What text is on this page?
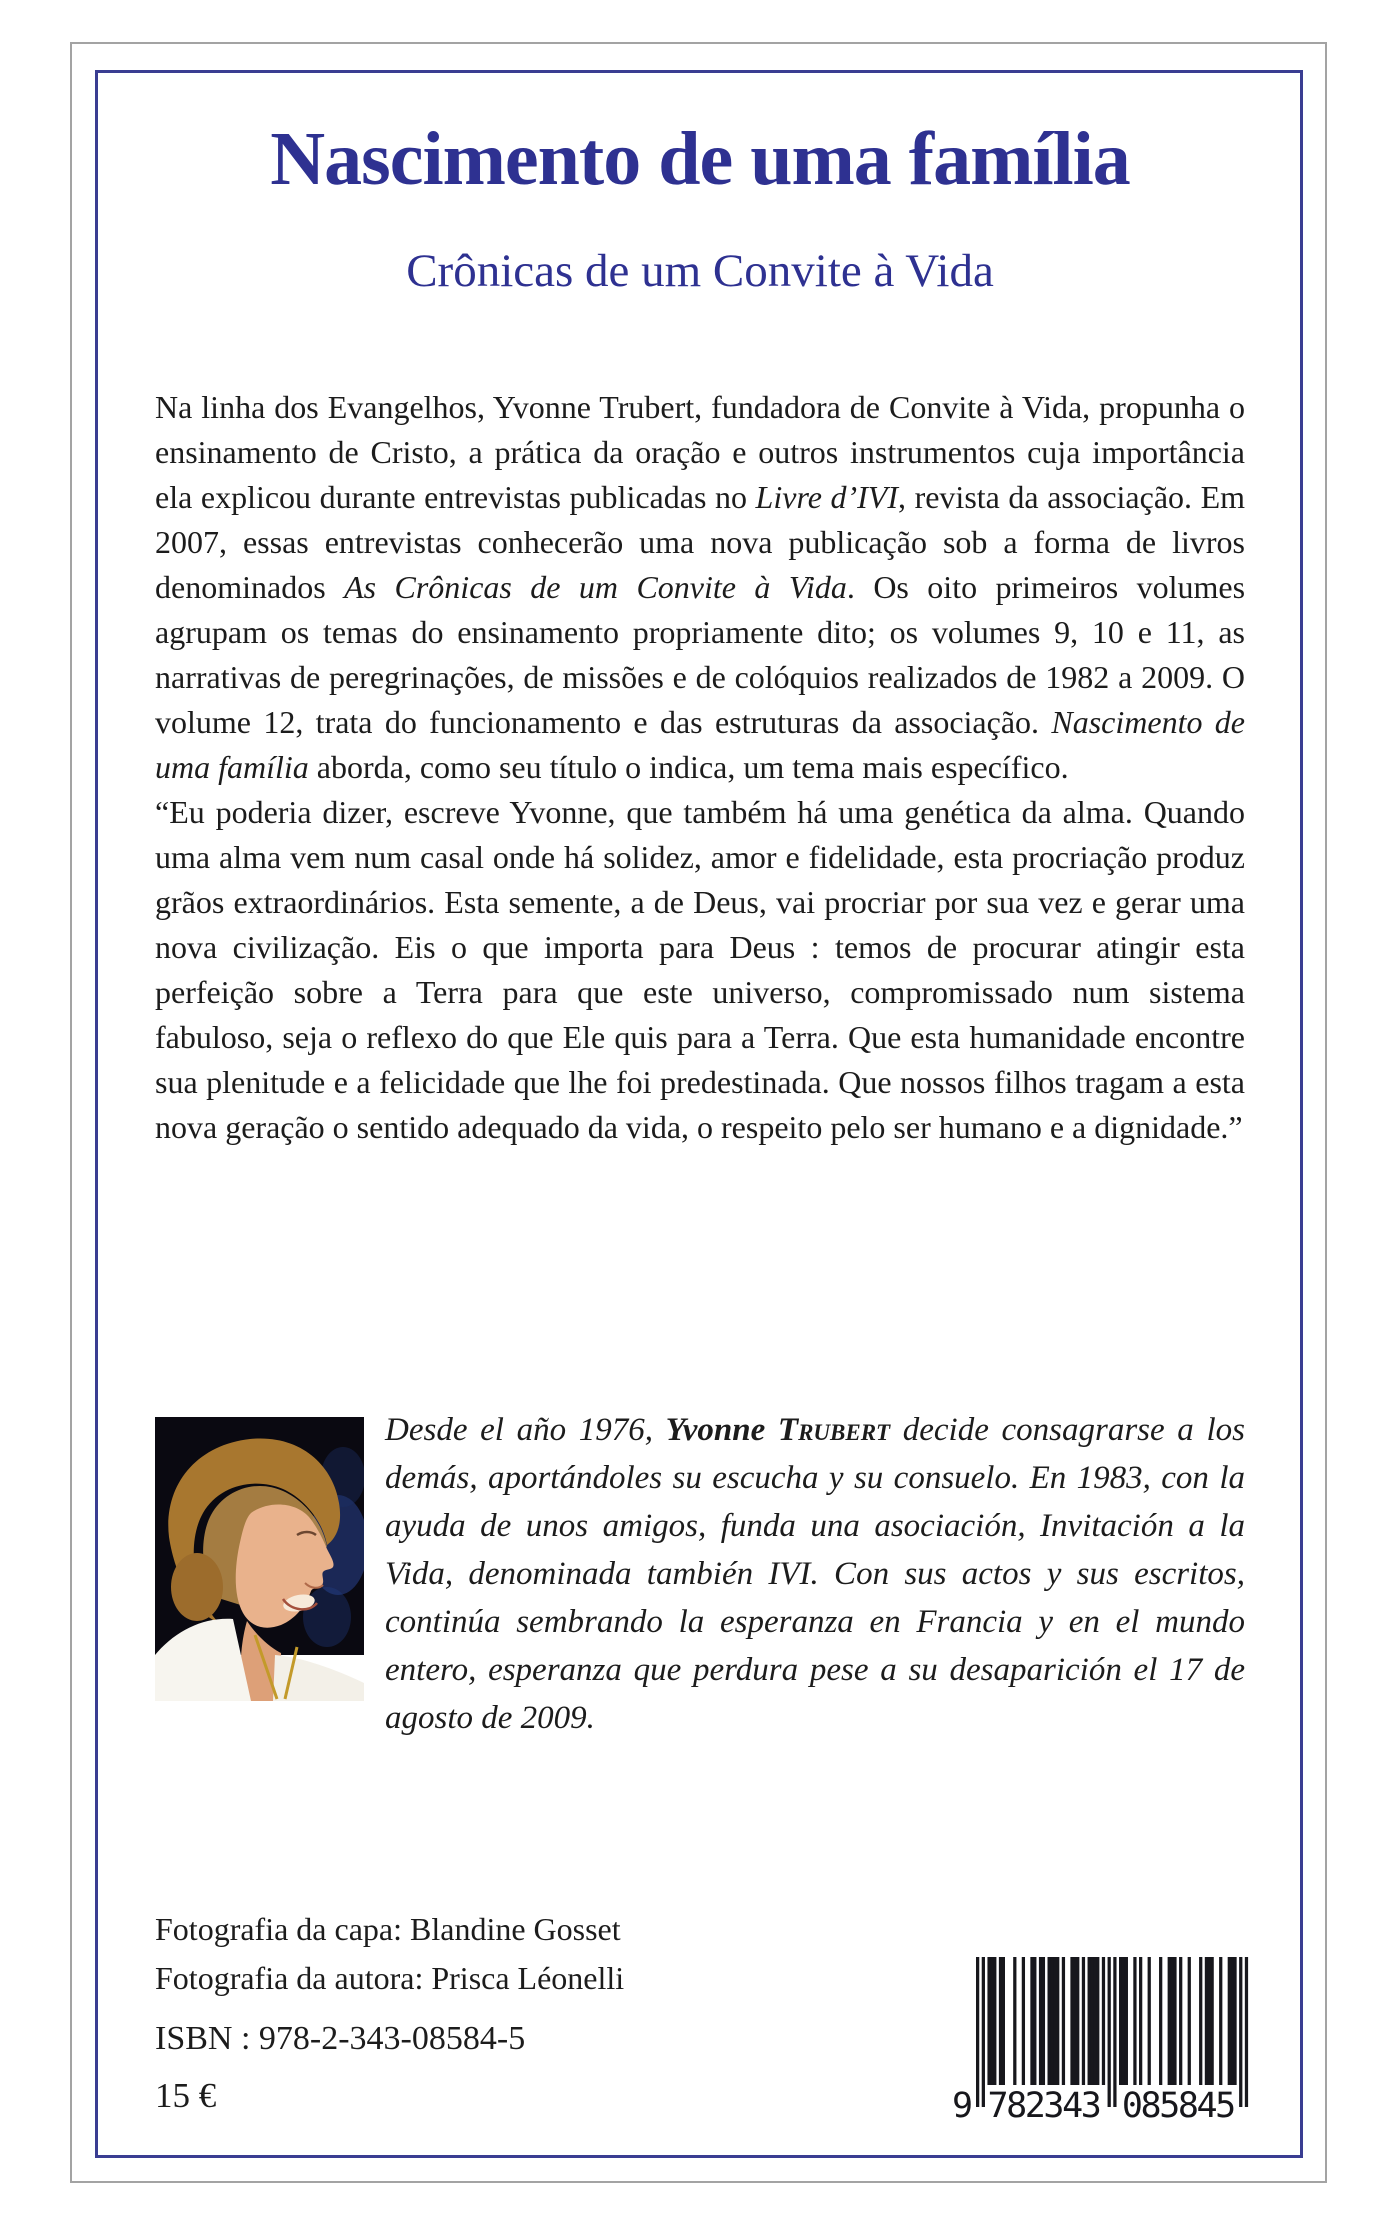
Nascimento de uma família
Crônicas de um Convite à Vida

Na linha dos Evangelhos, Yvonne Trubert, fundadora de Convite à Vida, propunha o ensinamento de Cristo, a prática da oração e outros instrumentos cuja importância ela explicou durante entrevistas publicadas no Livre d’IVI, revista da associação. Em 2007, essas entrevistas conhecerão uma nova publicação sob a forma de livros denominados As Crônicas de um Convite à Vida. Os oito primeiros volumes agrupam os temas do ensinamento propriamente dito; os volumes 9, 10 e 11, as narrativas de peregrinações, de missões e de colóquios realizados de 1982 a 2009. O volume 12, trata do funcionamento e das estruturas da associação. Nascimento de uma família aborda, como seu título o indica, um tema mais específico.

“Eu poderia dizer, escreve Yvonne, que também há uma genética da alma. Quando uma alma vem num casal onde há solidez, amor e fidelidade, esta procriação produz grãos extraordinários. Esta semente, a de Deus, vai procriar por sua vez e gerar uma nova civilização. Eis o que importa para Deus : temos de procurar atingir esta perfeição sobre a Terra para que este universo, compromissado num sistema fabuloso, seja o reflexo do que Ele quis para a Terra. Que esta humanidade encontre sua plenitude e a felicidade que lhe foi predestinada. Que nossos filhos tragam a esta nova geração o sentido adequado da vida, o respeito pelo ser humano e a dignidade.”

Desde el año 1976, Yvonne Trubert decide consagrarse a los demás, aportándoles su escucha y su consuelo. En 1983, con la ayuda de unos amigos, funda una asociación, Invitación a la Vida, denominada también IVI. Con sus actos y sus escritos, continúa sembrando la esperanza en Francia y en el mundo entero, esperanza que perdura pese a su desaparición el 17 de agosto de 2009.

Fotografia da capa: Blandine Gosset
Fotografia da autora: Prisca Léonelli
ISBN : 978-2-343-08584-5
15 €	9 782343 085845
